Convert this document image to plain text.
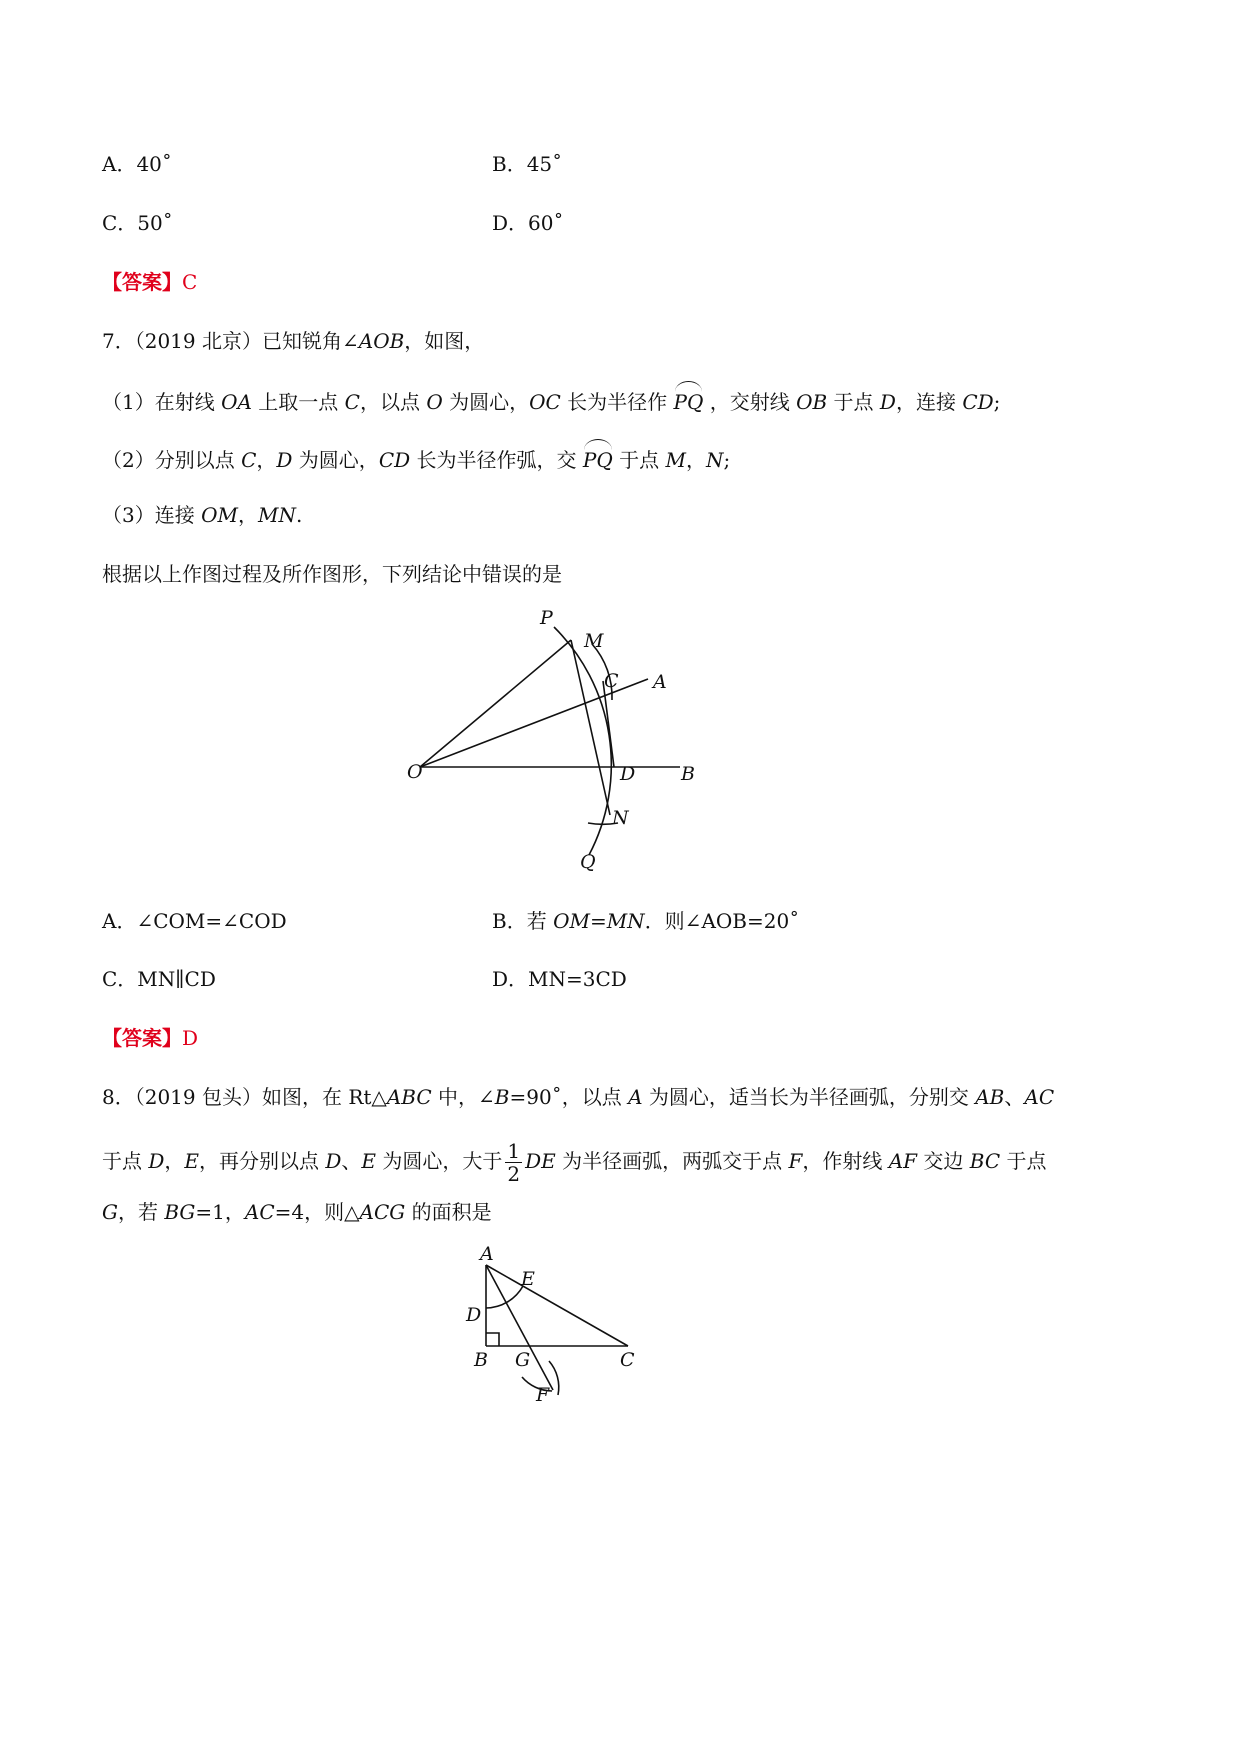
A．40˚	B．45˚
C．50˚	D．60˚
【答案】C
7．（2019 北京）已知锐角∠AOB，如图，
（1）在射线 OA 上取一点 C，以点 O 为圆心，OC 长为半径作 PQ ，交射线 OB 于点 D，连接 CD;
（2）分别以点 C，D 为圆心，CD 长为半径作弧，交 PQ 于点 M，N;
（3）连接 OM，MN.
根据以上作图过程及所作图形，下列结论中错误的是
P
M
C A
O	D B
N
Q
A．∠COM=∠COD	B．若 OM=MN．则∠AOB=20˚
C．MN∥CD	D．MN=3CD
【答案】D
8．（2019 包头）如图，在 Rt△ABC 中，∠B=90˚，以点 A 为圆心，适当长为半径画弧，分别交 AB、AC
于点 D，E，再分别以点 D、E 为圆心，大于 $\frac{1}{2}$ DE 为半径画弧，两弧交于点 F，作射线 AF 交边 BC 于点
G，若 BG=1，AC=4，则△ACG 的面积是
A
E
D
B G	C
F
